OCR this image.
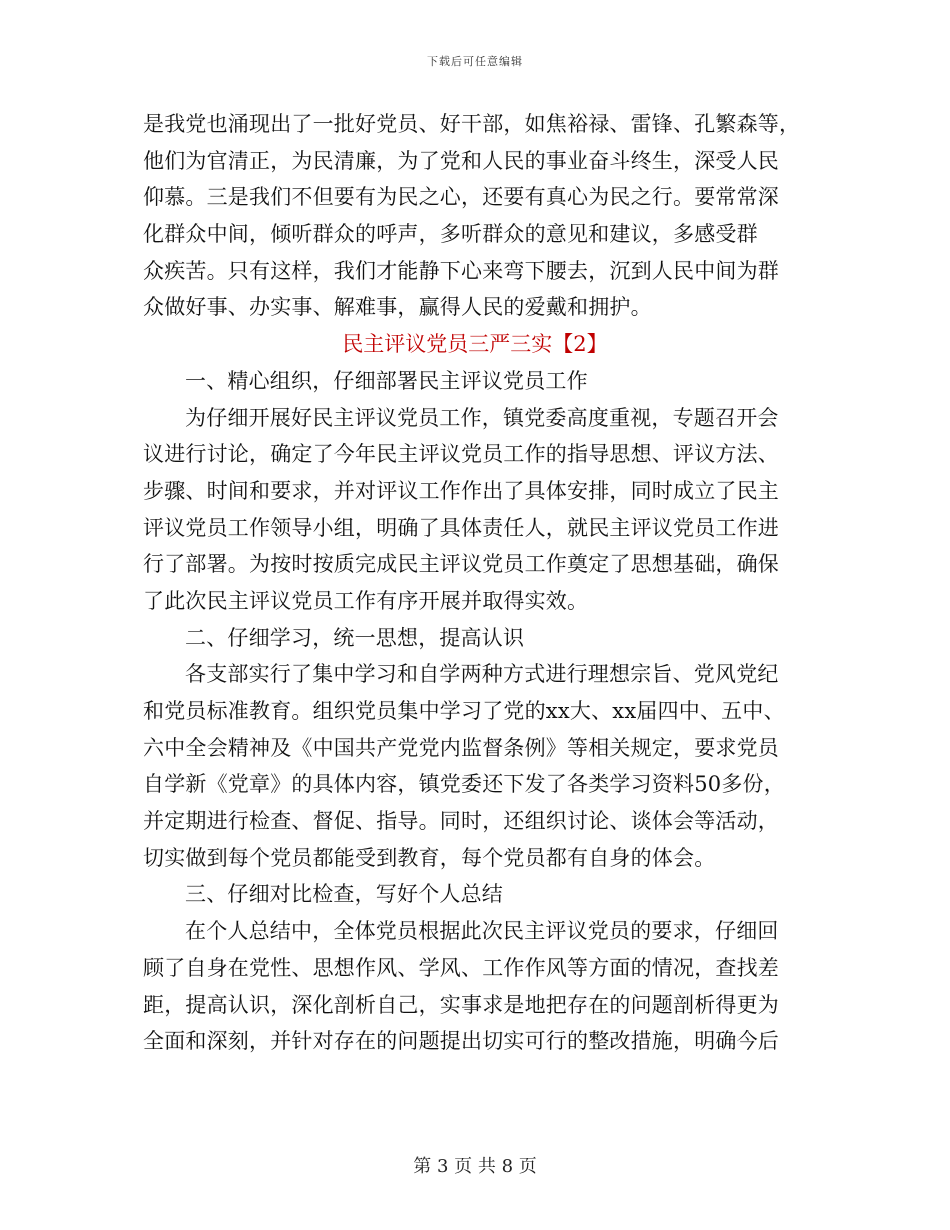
下载后可任意编辑
是我党也涌现出了一批好党员、好干部，如焦裕禄、雷锋、孔繁森等，
他们为官清正，为民清廉，为了党和人民的事业奋斗终生，深受人民
仰慕。三是我们不但要有为民之心，还要有真心为民之行。要常常深
化群众中间，倾听群众的呼声，多听群众的意见和建议，多感受群
众疾苦。只有这样，我们才能静下心来弯下腰去，沉到人民中间为群
众做好事、办实事、解难事，赢得人民的爱戴和拥护。
民主评议党员三严三实【2】
一、精心组织，仔细部署民主评议党员工作
为仔细开展好民主评议党员工作，镇党委高度重视，专题召开会
议进行讨论，确定了今年民主评议党员工作的指导思想、评议方法、
步骤、时间和要求，并对评议工作作出了具体安排，同时成立了民主
评议党员工作领导小组，明确了具体责任人，就民主评议党员工作进
行了部署。为按时按质完成民主评议党员工作奠定了思想基础，确保
了此次民主评议党员工作有序开展并取得实效。
二、仔细学习，统一思想，提高认识
各支部实行了集中学习和自学两种方式进行理想宗旨、党风党纪
和党员标准教育。组织党员集中学习了党的xx大、xx届四中、五中、
六中全会精神及《中国共产党党内监督条例》等相关规定，要求党员
自学新《党章》的具体内容，镇党委还下发了各类学习资料50多份，
并定期进行检查、督促、指导。同时，还组织讨论、谈体会等活动，
切实做到每个党员都能受到教育，每个党员都有自身的体会。
三、仔细对比检查，写好个人总结
在个人总结中，全体党员根据此次民主评议党员的要求，仔细回
顾了自身在党性、思想作风、学风、工作作风等方面的情况，查找差
距，提高认识，深化剖析自己，实事求是地把存在的问题剖析得更为
全面和深刻，并针对存在的问题提出切实可行的整改措施，明确今后
第 3 页 共 8 页
